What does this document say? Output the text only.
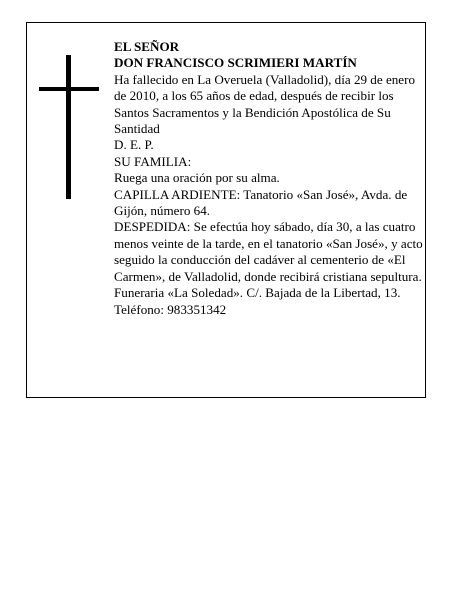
EL SEÑOR

DON FRANCISCO SCRIMIERI MARTÍN

Ha fallecido en La Overuela (Valladolid), día 29 de enero de 2010, a los 65 años de edad, después de recibir los Santos Sacramentos y la Bendición Apostólica de Su Santidad

D. E. P.

SU FAMILIA:

Ruega una oración por su alma.

CAPILLA ARDIENTE: Tanatorio «San José», Avda. de Gijón, número 64.

DESPEDIDA: Se efectúa hoy sábado, día 30, a las cuatro menos veinte de la tarde, en el tanatorio «San José», y acto seguido la conducción del cadáver al cementerio de «El Carmen», de Valladolid, donde recibirá cristiana sepultura.

Funeraria «La Soledad». C/. Bajada de la Libertad, 13.

Teléfono: 983351342
